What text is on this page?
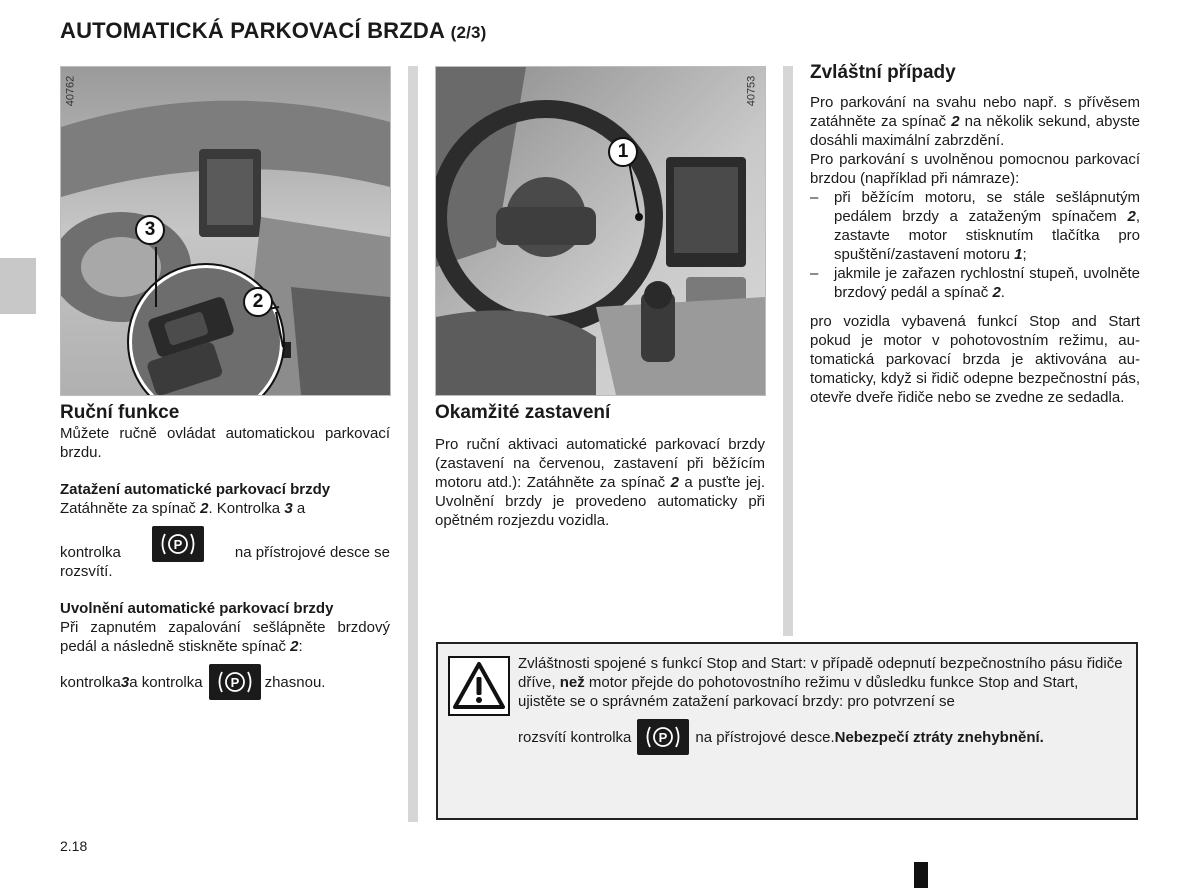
AUTOMATICKÁ PARKOVACÍ BRZDA (2/3)
40762
3
2
40753
1
Ruční funkce

Můžete ručně ovládat automatickou parkovací brzdu.

Zatažení automatické parkovací brzdy
Zatáhněte za spínač 2. Kontrolka 3 a
kontrolka	P	na přístrojové desce se
rozsvítí.
Uvolnění automatické parkovací brzdy
Při zapnutém zapalování sešlápněte brzdový pedál a následně stiskněte spínač 2:
kontrolka 3 a kontrolka P zhasnou.
Okamžité zastavení
Pro ruční aktivaci automatické parkovací brzdy (zastavení na červenou, zastavení při běžícím motoru atd.): Zatáhněte za spínač 2 a pusťte jej. Uvolnění brzdy je provedeno automaticky při opětném rozjezdu vozidla.
Zvláštní případy
Pro parkování na svahu nebo např. s přívěsem zatáhněte za spínač 2 na několik sekund, abyste dosáhli maximální zabrzdění.
Pro parkování s uvolněnou pomocnou parkovací brzdou (například při námraze):
– při běžícím motoru, se stále sešlápnutým pedálem brzdy a zataženým spínačem 2, zastavte motor stisknutím tlačítka pro spuštění/zastavení motoru 1;
– jakmile je zařazen rychlostní stupeň, uvolněte brzdový pedál a spínač 2.
pro vozidla vybavená funkcí Stop and Start pokud je motor v pohotovostním režimu, automatická parkovací brzda je aktivována automaticky, když si řidič odepne bezpečnostní pás, otevře dveře řidiče nebo se zvedne ze sedadla.
Zvláštnosti spojené s funkcí Stop and Start: v případě odepnutí bezpečnostního pásu řidiče dříve, než motor přejde do pohotovostního režimu v důsledku funkce Stop and Start, ujistěte se o správném zatažení parkovací brzdy: pro potvrzení se
rozsvítí kontrolka P na přístrojové desce. Nebezpečí ztráty znehybnění.
2.18
